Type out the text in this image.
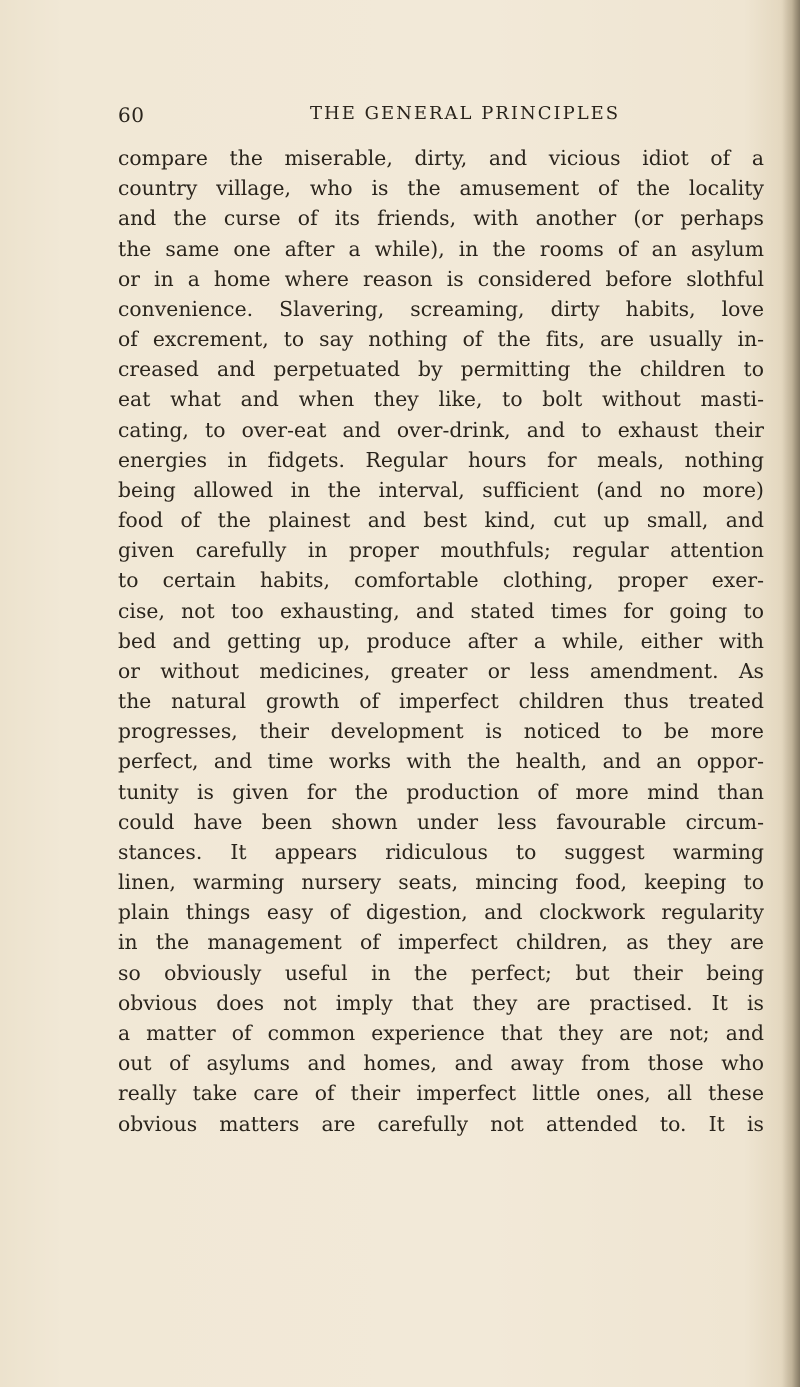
60	THE GENERAL PRINCIPLES
compare the miserable, dirty, and vicious idiot of a
country village, who is the amusement of the locality
and the curse of its friends, with another (or perhaps
the same one after a while), in the rooms of an asylum
or in a home where reason is considered before slothful
convenience. Slavering, screaming, dirty habits, love
of excrement, to say nothing of the fits, are usually in-
creased and perpetuated by permitting the children to
eat what and when they like, to bolt without masti-
cating, to over-eat and over-drink, and to exhaust their
energies in fidgets. Regular hours for meals, nothing
being allowed in the interval, sufficient (and no more)
food of the plainest and best kind, cut up small, and
given carefully in proper mouthfuls; regular attention
to certain habits, comfortable clothing, proper exer-
cise, not too exhausting, and stated times for going to
bed and getting up, produce after a while, either with
or without medicines, greater or less amendment. As
the natural growth of imperfect children thus treated
progresses, their development is noticed to be more
perfect, and time works with the health, and an oppor-
tunity is given for the production of more mind than
could have been shown under less favourable circum-
stances. It appears ridiculous to suggest warming
linen, warming nursery seats, mincing food, keeping to
plain things easy of digestion, and clockwork regularity
in the management of imperfect children, as they are
so obviously useful in the perfect; but their being
obvious does not imply that they are practised. It is
a matter of common experience that they are not; and
out of asylums and homes, and away from those who
really take care of their imperfect little ones, all these
obvious matters are carefully not attended to. It is
